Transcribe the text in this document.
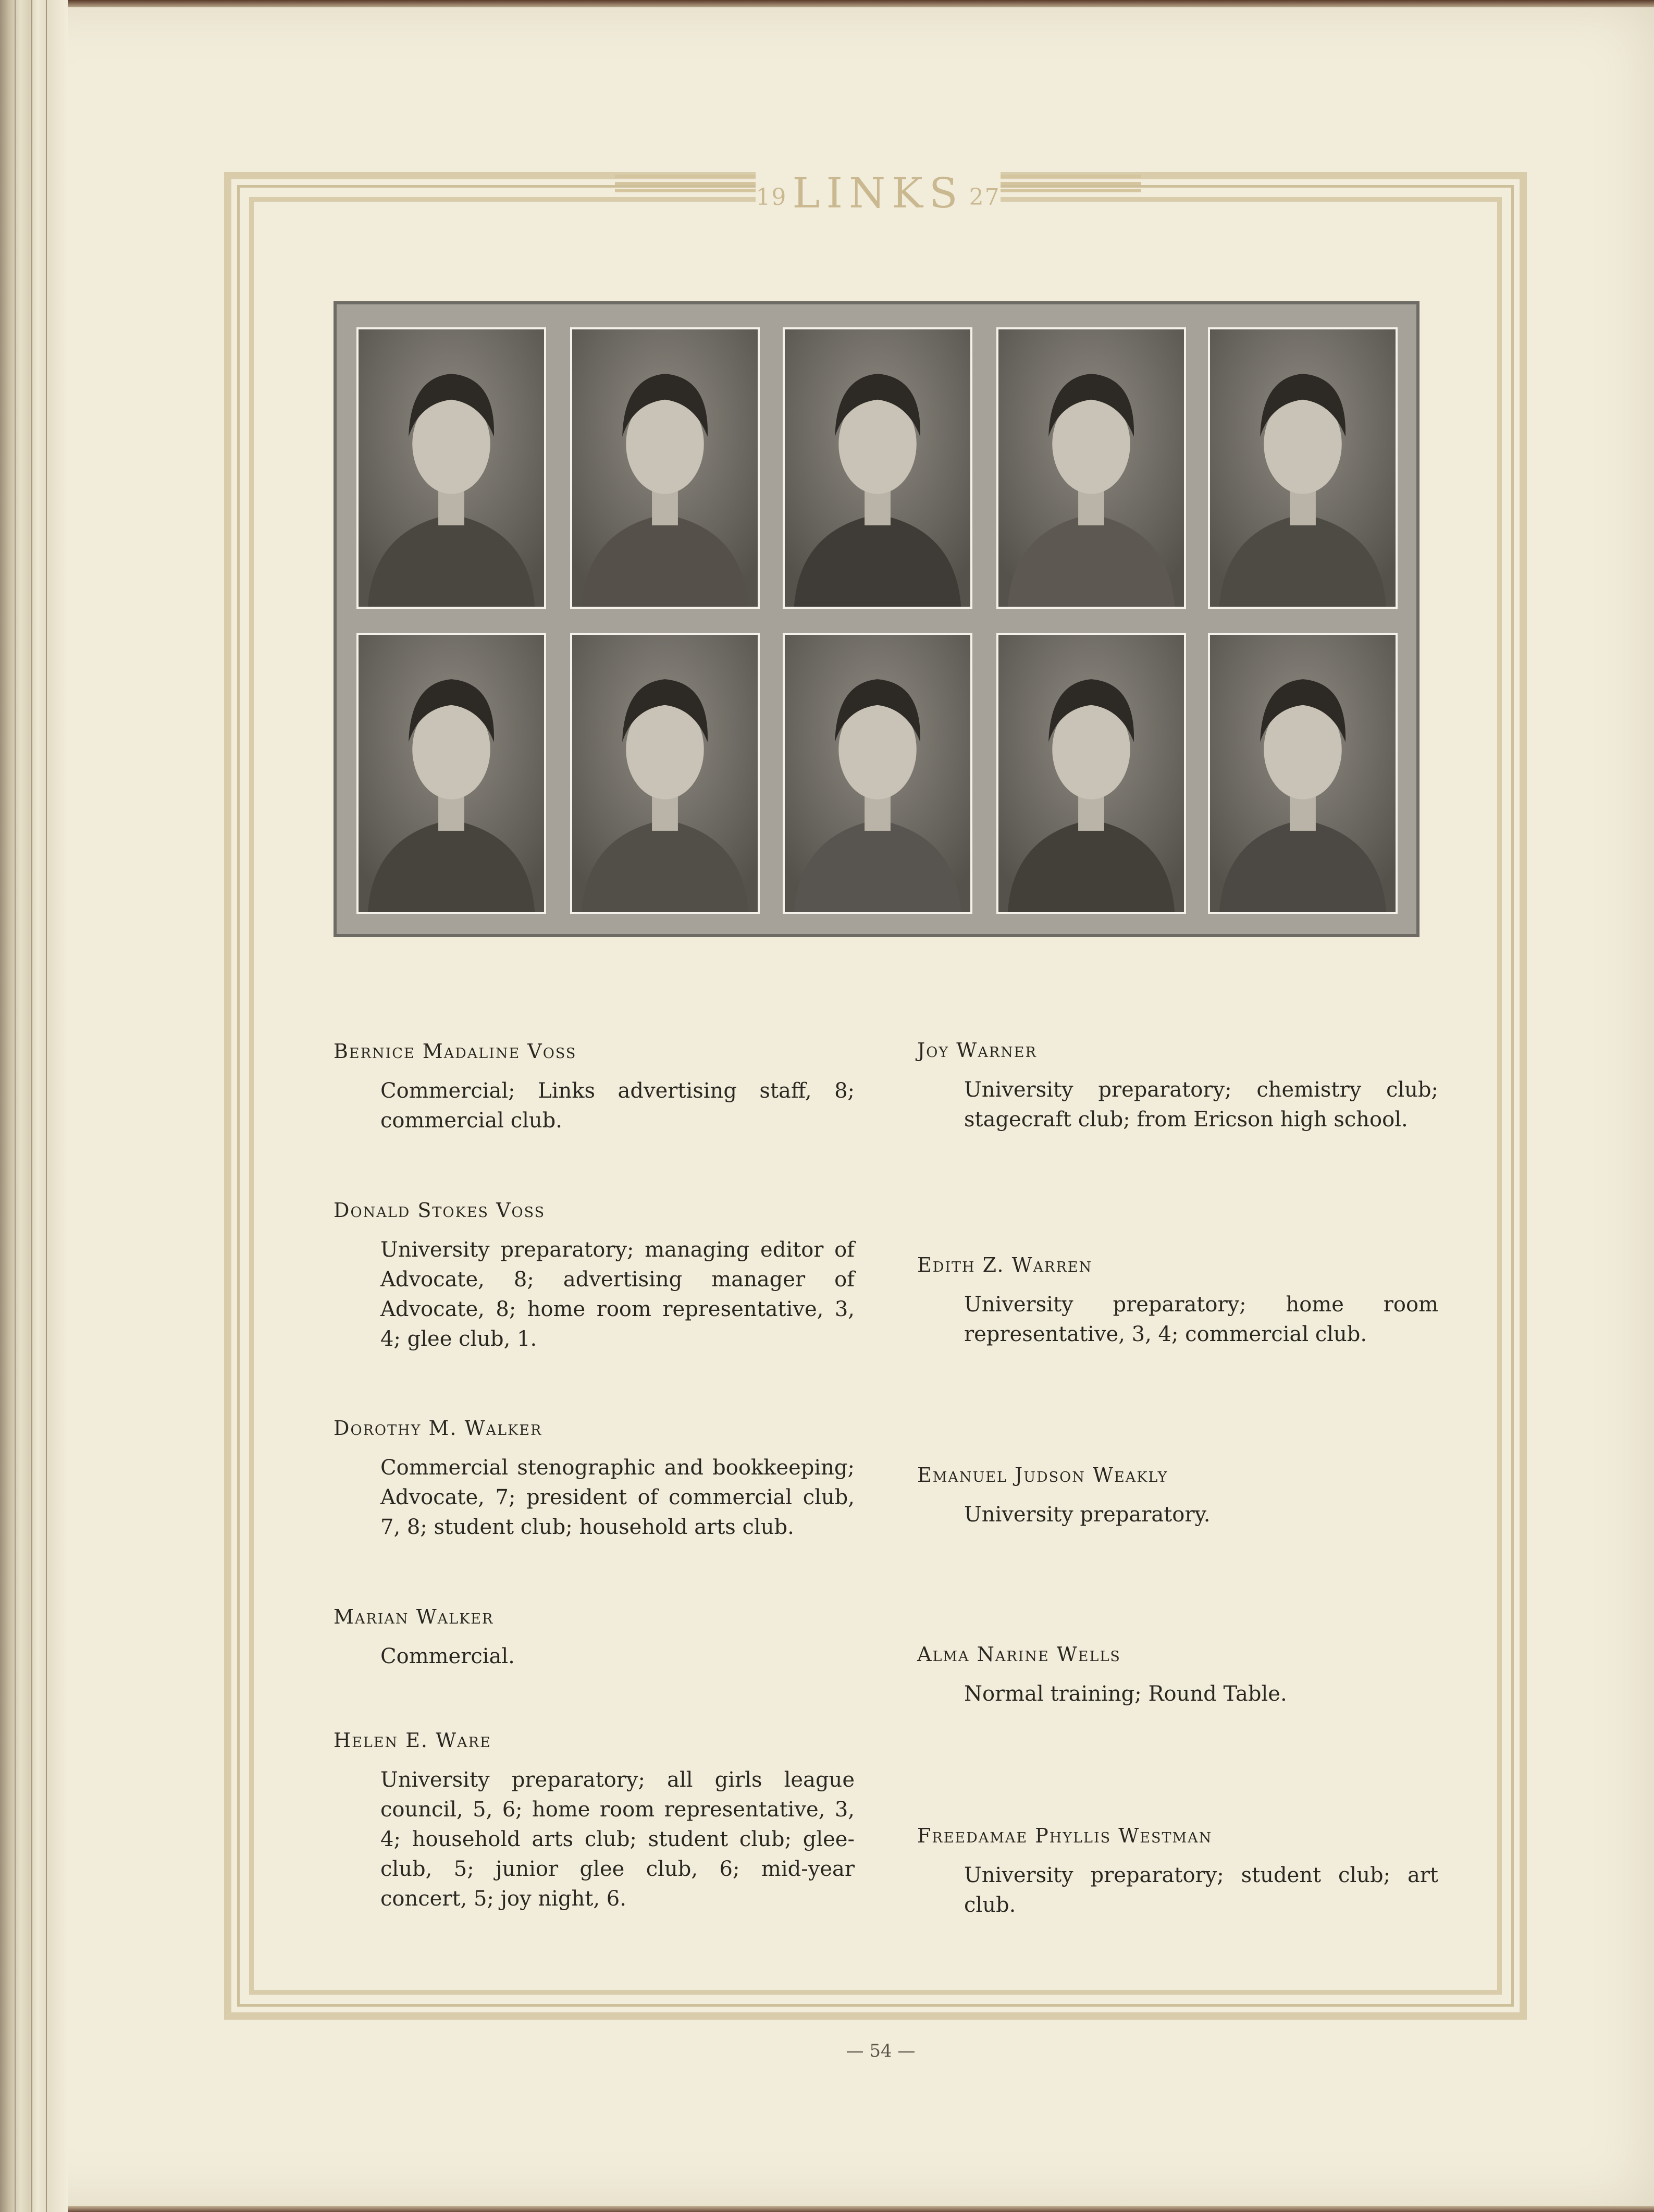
19 LINKS 27
Bernice Madaline Voss
Commercial; Links advertising staff, 8; commercial club.
Donald Stokes Voss
University preparatory; managing editor of Advocate, 8; advertising manager of Advocate, 8; home room representative, 3, 4; glee club, 1.
Dorothy M. Walker
Commercial stenographic and bookkeeping; Advocate, 7; president of commercial club, 7, 8; student club; household arts club.
Marian Walker
Commercial.
Helen E. Ware
University preparatory; all girls league council, 5, 6; home room representative, 3, 4; household arts club; student club; glee-club, 5; junior glee club, 6; mid-year concert, 5; joy night, 6.
Joy Warner
University preparatory; chemistry club; stagecraft club; from Ericson high school.
Edith Z. Warren
University preparatory; home room representative, 3, 4; commercial club.
Emanuel Judson Weakly
University preparatory.
Alma Narine Wells
Normal training; Round Table.
Freedamae Phyllis Westman
University preparatory; student club; art club.
— 54 —
